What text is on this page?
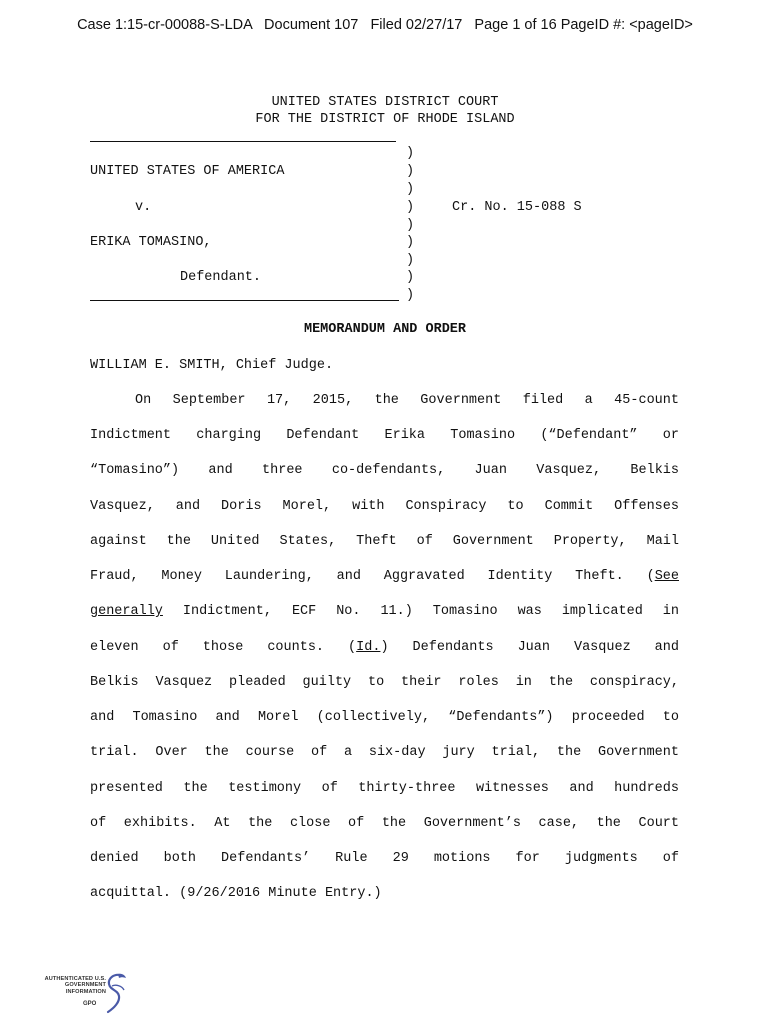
Case 1:15-cr-00088-S-LDA   Document 107   Filed 02/27/17   Page 1 of 16 PageID #: <pageID>
UNITED STATES DISTRICT COURT
FOR THE DISTRICT OF RHODE ISLAND
)
)
)
)
)
)
)
)
)
UNITED STATES OF AMERICA
v.	Cr. No. 15-088 S
ERIKA TOMASINO,
Defendant.
MEMORANDUM AND ORDER
WILLIAM E. SMITH, Chief Judge.
On September 17, 2015, the Government filed a 45-count
Indictment charging Defendant Erika Tomasino (“Defendant” or
“Tomasino”) and three co-defendants, Juan Vasquez, Belkis
Vasquez, and Doris Morel, with Conspiracy to Commit Offenses
against the United States, Theft of Government Property, Mail
Fraud, Money Laundering, and Aggravated Identity Theft. (See
generally Indictment, ECF No. 11.) Tomasino was implicated in
eleven of those counts. (Id.) Defendants Juan Vasquez and
Belkis Vasquez pleaded guilty to their roles in the conspiracy,
and Tomasino and Morel (collectively, “Defendants”) proceeded to
trial. Over the course of a six-day jury trial, the Government
presented the testimony of thirty-three witnesses and hundreds
of exhibits. At the close of the Government’s case, the Court
denied both Defendants’ Rule 29 motions for judgments of
acquittal. (9/26/2016 Minute Entry.)
AUTHENTICATED U.S. GOVERNMENT INFORMATION
GPO
